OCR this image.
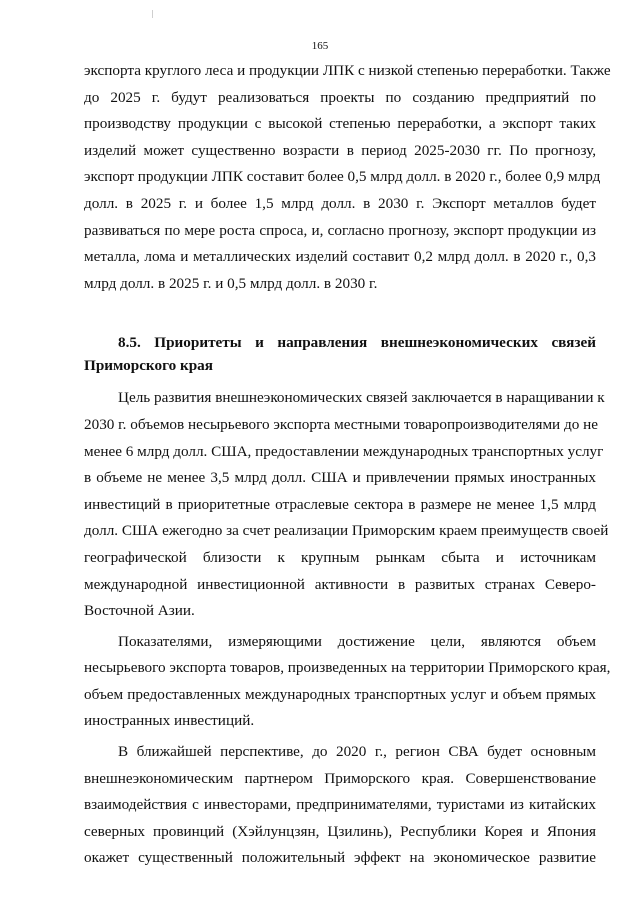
165
экспорта круглого леса и продукции ЛПК с низкой степенью переработки. Также
до 2025 г. будут реализоваться проекты по созданию предприятий по
производству продукции с высокой степенью переработки, а экспорт таких
изделий может существенно возрасти в период 2025-2030 гг. По прогнозу,
экспорт продукции ЛПК составит более 0,5 млрд долл. в 2020 г., более 0,9 млрд
долл. в 2025 г. и более 1,5 млрд долл. в 2030 г. Экспорт металлов будет
развиваться по мере роста спроса, и, согласно прогнозу, экспорт продукции из
металла, лома и металлических изделий составит 0,2 млрд долл. в 2020 г., 0,3
млрд долл. в 2025 г. и 0,5 млрд долл. в 2030 г.
8.5. Приоритеты и направления внешнеэкономических связей
Приморского края
Цель развития внешнеэкономических связей заключается в наращивании к
2030 г. объемов несырьевого экспорта местными товаропроизводителями до не
менее 6 млрд долл. США, предоставлении международных транспортных услуг
в объеме не менее 3,5 млрд долл. США и привлечении прямых иностранных
инвестиций в приоритетные отраслевые сектора в размере не менее 1,5 млрд
долл. США ежегодно за счет реализации Приморским краем преимуществ своей
географической близости к крупным рынкам сбыта и источникам
международной инвестиционной активности в развитых странах Северо-
Восточной Азии.
Показателями, измеряющими достижение цели, являются объем
несырьевого экспорта товаров, произведенных на территории Приморского края,
объем предоставленных международных транспортных услуг и объем прямых
иностранных инвестиций.
В ближайшей перспективе, до 2020 г., регион СВА будет основным
внешнеэкономическим партнером Приморского края. Совершенствование
взаимодействия с инвесторами, предпринимателями, туристами из китайских
северных провинций (Хэйлунцзян, Цзилинь), Республики Корея и Япония
окажет существенный положительный эффект на экономическое развитие
